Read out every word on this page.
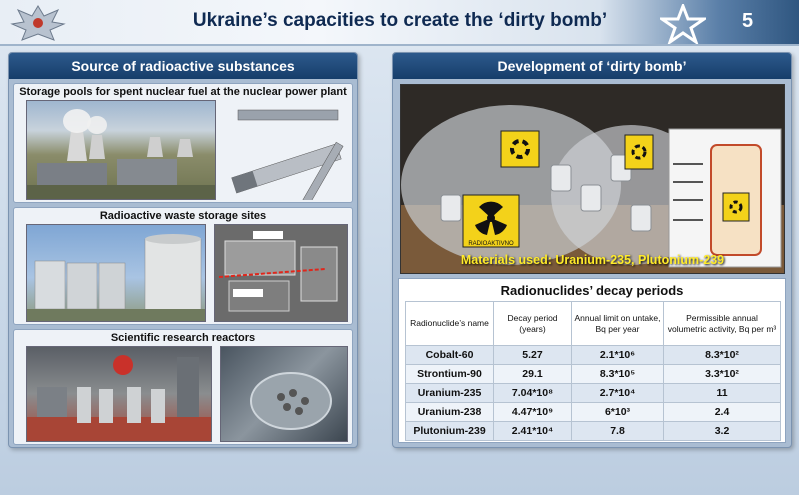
Ukraine’s capacities to create the ‘dirty bomb’	5
Source of radioactive substances
Storage pools for spent nuclear fuel at the nuclear power plant
Radioactive waste storage sites
Scientific research reactors
Development of ‘dirty bomb’
RADIOAKTIVNO
Materials used: Uranium-235, Plutonium-239
Radionuclides’ decay periods
Radionuclide’s name	Decay period (years)	Annual limit on untake, Bq per year	Permissible annual volumetric activity, Bq per m³
Cobalt-60	5.27	2.1*10⁶	8.3*10²
Strontium-90	29.1	8.3*10⁵	3.3*10²
Uranium-235	7.04*10⁸	2.7*10⁴	11
Uranium-238	4.47*10⁹	6*10³	2.4
Plutonium-239	2.41*10⁴	7.8	3.2
